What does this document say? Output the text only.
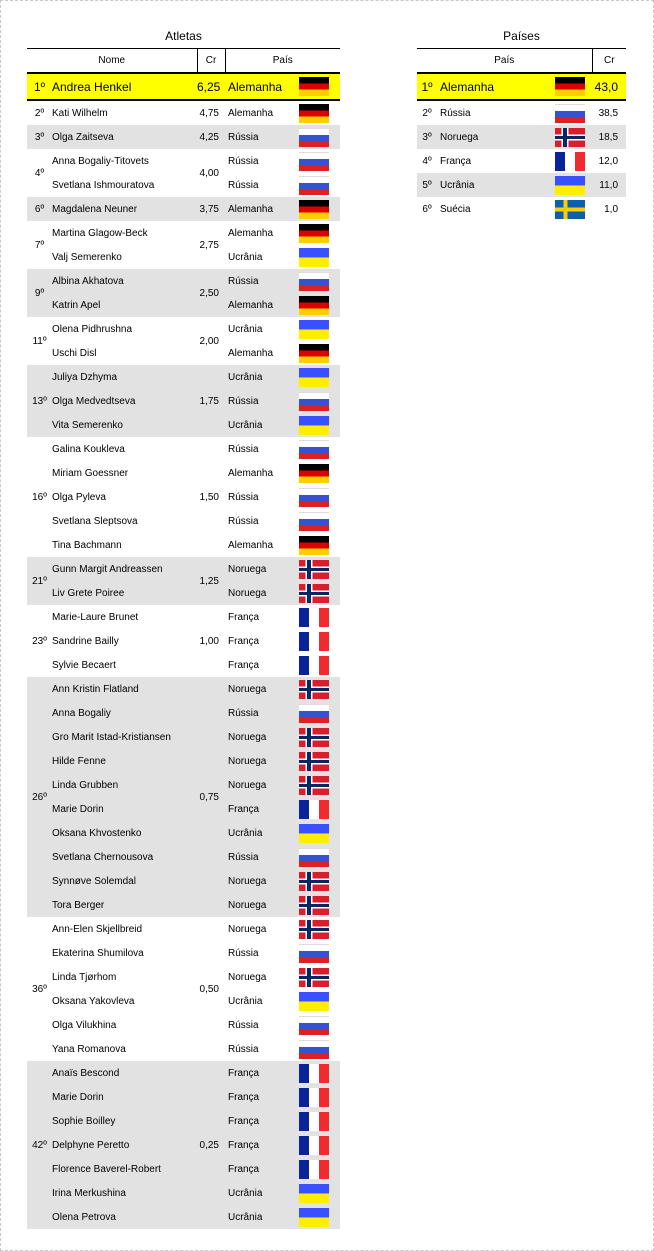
Atletas	Países
Nome		Cr	País	
1º	Andrea Henkel	6,25	Alemanha	
2º	Kati Wilhelm	4,75	Alemanha	
3º	Olga Zaitseva	4,25	Rússia	
4º	Anna Bogaliy-Titovets	4,00	Rússia	
	Svetlana Ishmouratova		Rússia	
6º	Magdalena Neuner	3,75	Alemanha	
7º	Martina Glagow-Beck	2,75	Alemanha	
	Valj Semerenko		Ucrânia	
9º	Albina Akhatova	2,50	Rússia	
	Katrin Apel		Alemanha	
11º	Olena Pidhrushna	2,00	Ucrânia	
	Uschi Disl		Alemanha	
13º	Juliya Dzhyma	1,75	Ucrânia	
	Olga Medvedtseva		Rússia	
	Vita Semerenko		Ucrânia	
16º	Galina Koukleva	1,50	Rússia	
	Miriam Goessner		Alemanha	
	Olga Pyleva		Rússia	
	Svetlana Sleptsova		Rússia	
	Tina Bachmann		Alemanha	
21º	Gunn Margit Andreassen	1,25	Noruega	
	Liv Grete Poiree		Noruega	
23º	Marie-Laure Brunet	1,00	França	
	Sandrine Bailly		França	
	Sylvie Becaert		França	
26º	Ann Kristin Flatland	0,75	Noruega	
	Anna Bogaliy		Rússia	
	Gro Marit Istad-Kristiansen		Noruega	
	Hilde Fenne		Noruega	
	Linda Grubben		Noruega	
	Marie Dorin		França	
	Oksana Khvostenko		Ucrânia	
	Svetlana Chernousova		Rússia	
	Synnøve Solemdal		Noruega	
	Tora Berger		Noruega	
36º	Ann-Elen Skjellbreid	0,50	Noruega	
	Ekaterina Shumilova		Rússia	
	Linda Tjørhom		Noruega	
	Oksana Yakovleva		Ucrânia	
	Olga Vilukhina		Rússia	
	Yana Romanova		Rússia	
42º	Anaïs Bescond	0,25	França	
	Marie Dorin		França	
	Sophie Boilley		França	
	Delphyne Peretto		França	
	Florence Baverel-Robert		França	
	Irina Merkushina		Ucrânia	
	Olena Petrova		Ucrânia	
País			Cr
1º	Alemanha		43,0
2º	Rússia		38,5
3º	Noruega		18,5
4º	França		12,0
5º	Ucrânia		11,0
6º	Suécia		1,0
